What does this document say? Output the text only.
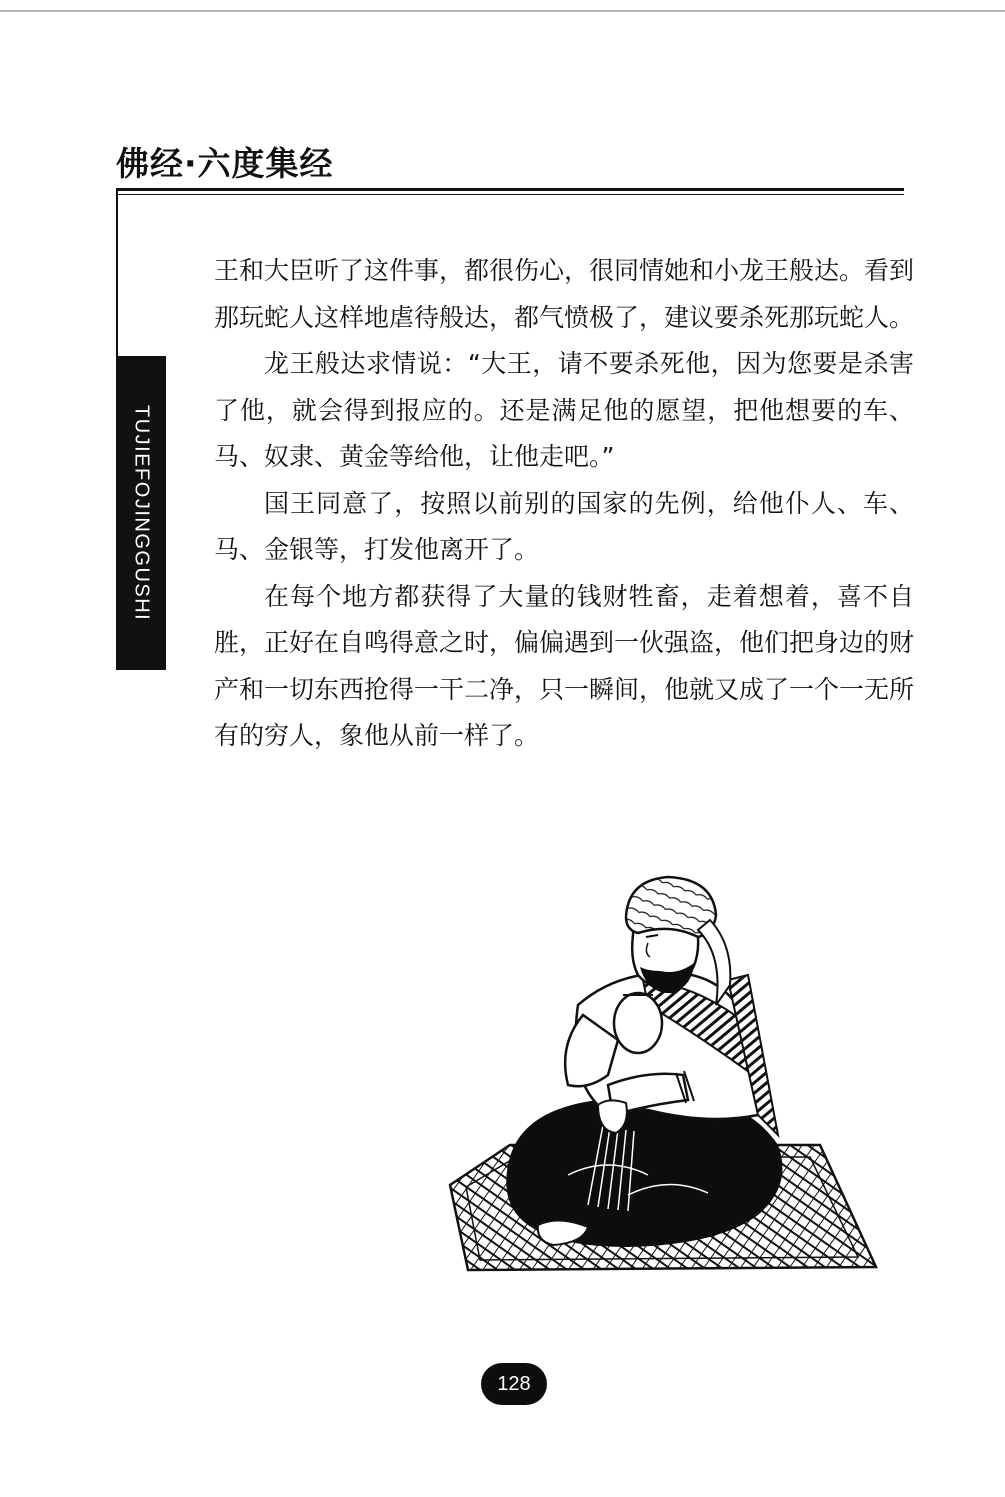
佛经·六度集经
TUJIEFOJINGGUSHI

王和大臣听了这件事，都很伤心，很同情她和小龙王般达。看到那玩蛇人这样地虐待般达，都气愤极了，建议要杀死那玩蛇人。

龙王般达求情说：“大王，请不要杀死他，因为您要是杀害了他，就会得到报应的。还是满足他的愿望，把他想要的车、马、奴隶、黄金等给他，让他走吧。”

国王同意了，按照以前别的国家的先例，给他仆人、车、马、金银等，打发他离开了。

在每个地方都获得了大量的钱财牲畜，走着想着，喜不自胜，正好在自鸣得意之时，偏偏遇到一伙强盗，他们把身边的财产和一切东西抢得一干二净，只一瞬间，他就又成了一个一无所有的穷人，象他从前一样了。

128
